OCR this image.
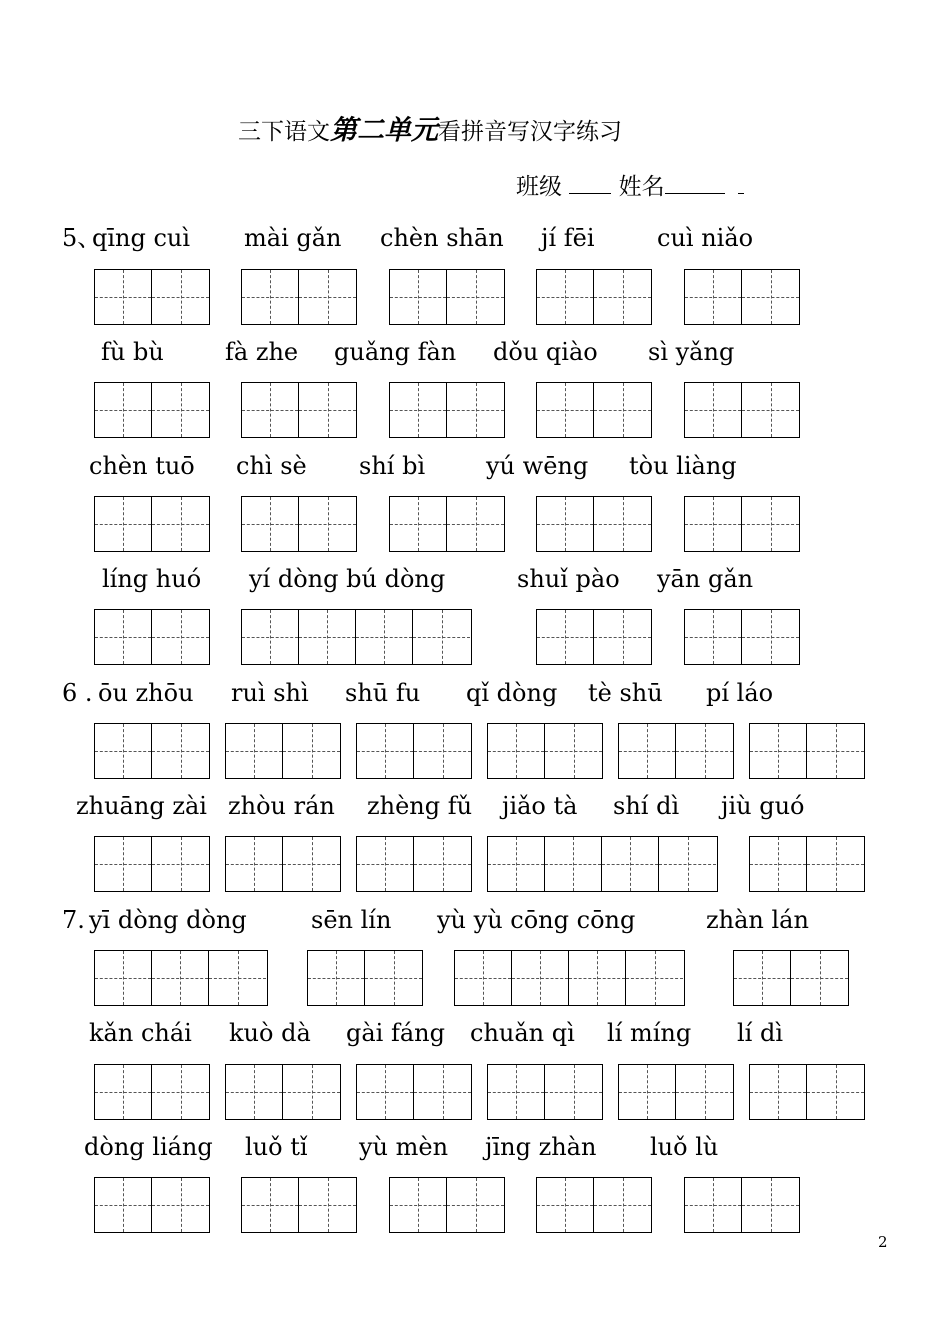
三下语文第二单元看拼音写汉字练习
班级 姓名
5、
6 .
7.
qīng cuì mài gǎn chèn shān jí fēi	cuì niǎo
fù bù	fà zhe guǎng fàn dǒu qiào sì yǎng
chèn tuō chì sè shí bì	yú wēng tòu liàng
líng huó yí dòng bú dòng	shuǐ pào yān gǎn
ōu zhōu ruì shì shū fu qǐ dòng tè shū pí láo
zhuāng zài zhòu rán zhèng fǔ jiǎo tà shí dì jiù guó
yī dòng dòng	sēn lín yù yù cōng cōng	zhàn lán
kǎn chái kuò dà gài fáng chuǎn qì lí míng lí dì
dòng liáng luǒ tǐ yù mèn jīng zhàn luǒ lù
2
